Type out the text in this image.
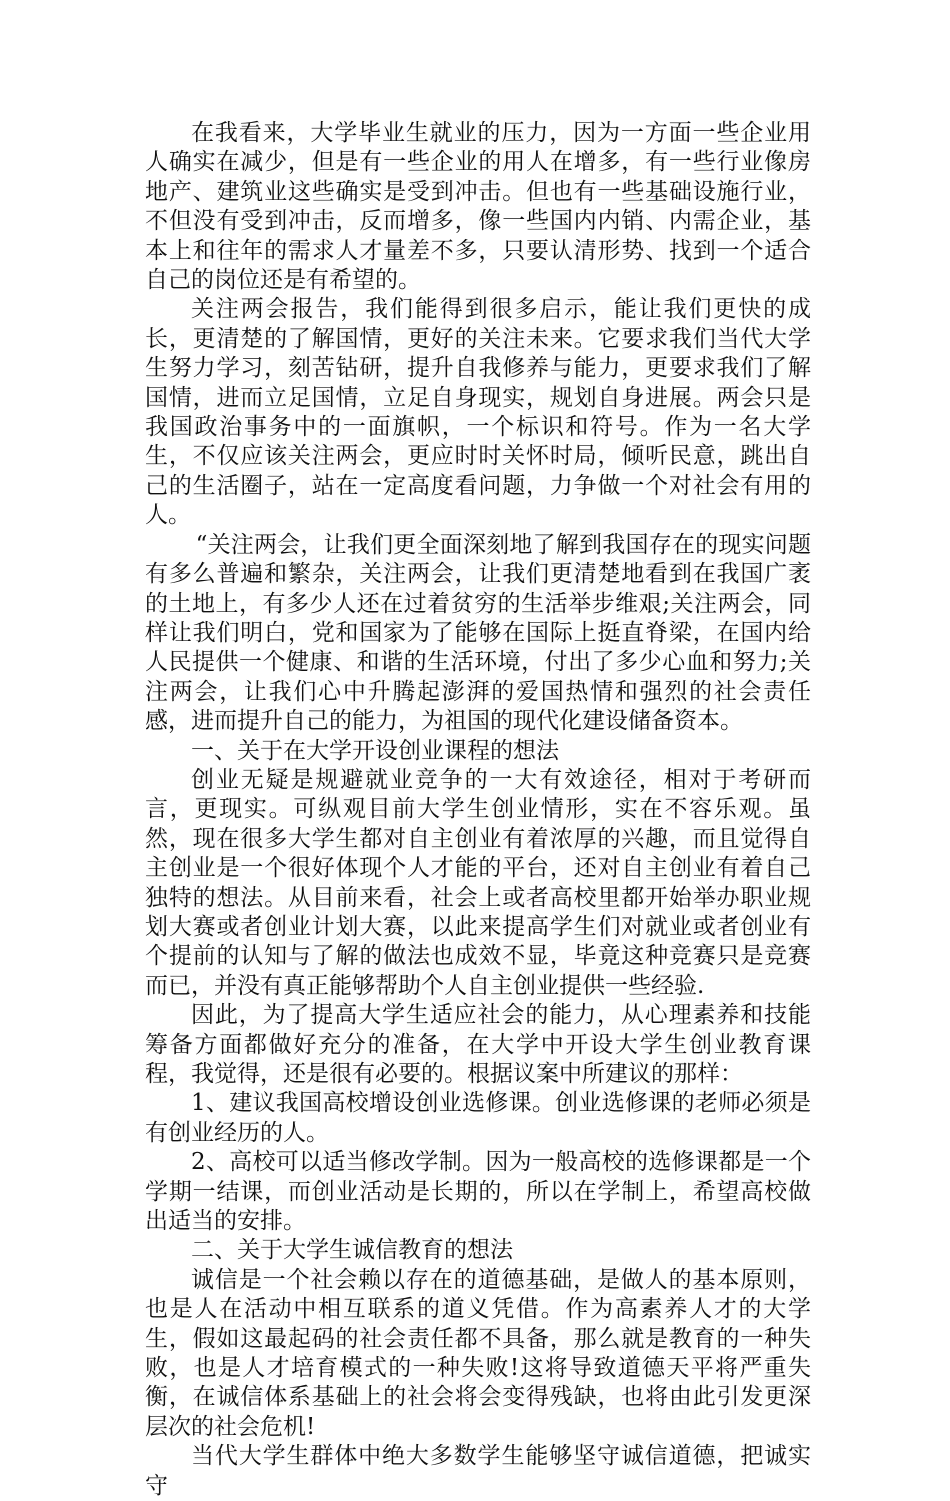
在我看来，大学毕业生就业的压力，因为一方面一些企业用人确实在减少，但是有一些企业的用人在增多，有一些行业像房地产、建筑业这些确实是受到冲击。但也有一些基础设施行业，不但没有受到冲击，反而增多，像一些国内内销、内需企业，基本上和往年的需求人才量差不多，只要认清形势、找到一个适合自己的岗位还是有希望的。

关注两会报告，我们能得到很多启示，能让我们更快的成长，更清楚的了解国情，更好的关注未来。它要求我们当代大学生努力学习，刻苦钻研，提升自我修养与能力，更要求我们了解国情，进而立足国情，立足自身现实，规划自身进展。两会只是我国政治事务中的一面旗帜，一个标识和符号。作为一名大学生，不仅应该关注两会，更应时时关怀时局，倾听民意，跳出自己的生活圈子，站在一定高度看问题，力争做一个对社会有用的人。

“关注两会，让我们更全面深刻地了解到我国存在的现实问题有多么普遍和繁杂，关注两会，让我们更清楚地看到在我国广袤的土地上，有多少人还在过着贫穷的生活举步维艰;关注两会，同样让我们明白，党和国家为了能够在国际上挺直脊梁，在国内给人民提供一个健康、和谐的生活环境，付出了多少心血和努力;关注两会，让我们心中升腾起澎湃的爱国热情和强烈的社会责任感，进而提升自己的能力，为祖国的现代化建设储备资本。

一、关于在大学开设创业课程的想法

创业无疑是规避就业竞争的一大有效途径，相对于考研而言，更现实。可纵观目前大学生创业情形，实在不容乐观。虽然，现在很多大学生都对自主创业有着浓厚的兴趣，而且觉得自主创业是一个很好体现个人才能的平台，还对自主创业有着自己独特的想法。从目前来看，社会上或者高校里都开始举办职业规划大赛或者创业计划大赛，以此来提高学生们对就业或者创业有个提前的认知与了解的做法也成效不显，毕竟这种竞赛只是竞赛而已，并没有真正能够帮助个人自主创业提供一些经验.

因此，为了提高大学生适应社会的能力，从心理素养和技能筹备方面都做好充分的准备，在大学中开设大学生创业教育课程，我觉得，还是很有必要的。根据议案中所建议的那样：

1、建议我国高校增设创业选修课。创业选修课的老师必须是有创业经历的人。

2、高校可以适当修改学制。因为一般高校的选修课都是一个学期一结课，而创业活动是长期的，所以在学制上，希望高校做出适当的安排。

二、关于大学生诚信教育的想法

诚信是一个社会赖以存在的道德基础，是做人的基本原则，也是人在活动中相互联系的道义凭借。作为高素养人才的大学生，假如这最起码的社会责任都不具备，那么就是教育的一种失败，也是人才培育模式的一种失败!这将导致道德天平将严重失衡，在诚信体系基础上的社会将会变得残缺，也将由此引发更深层次的社会危机!

当代大学生群体中绝大多数学生能够坚守诚信道德，把诚实守
